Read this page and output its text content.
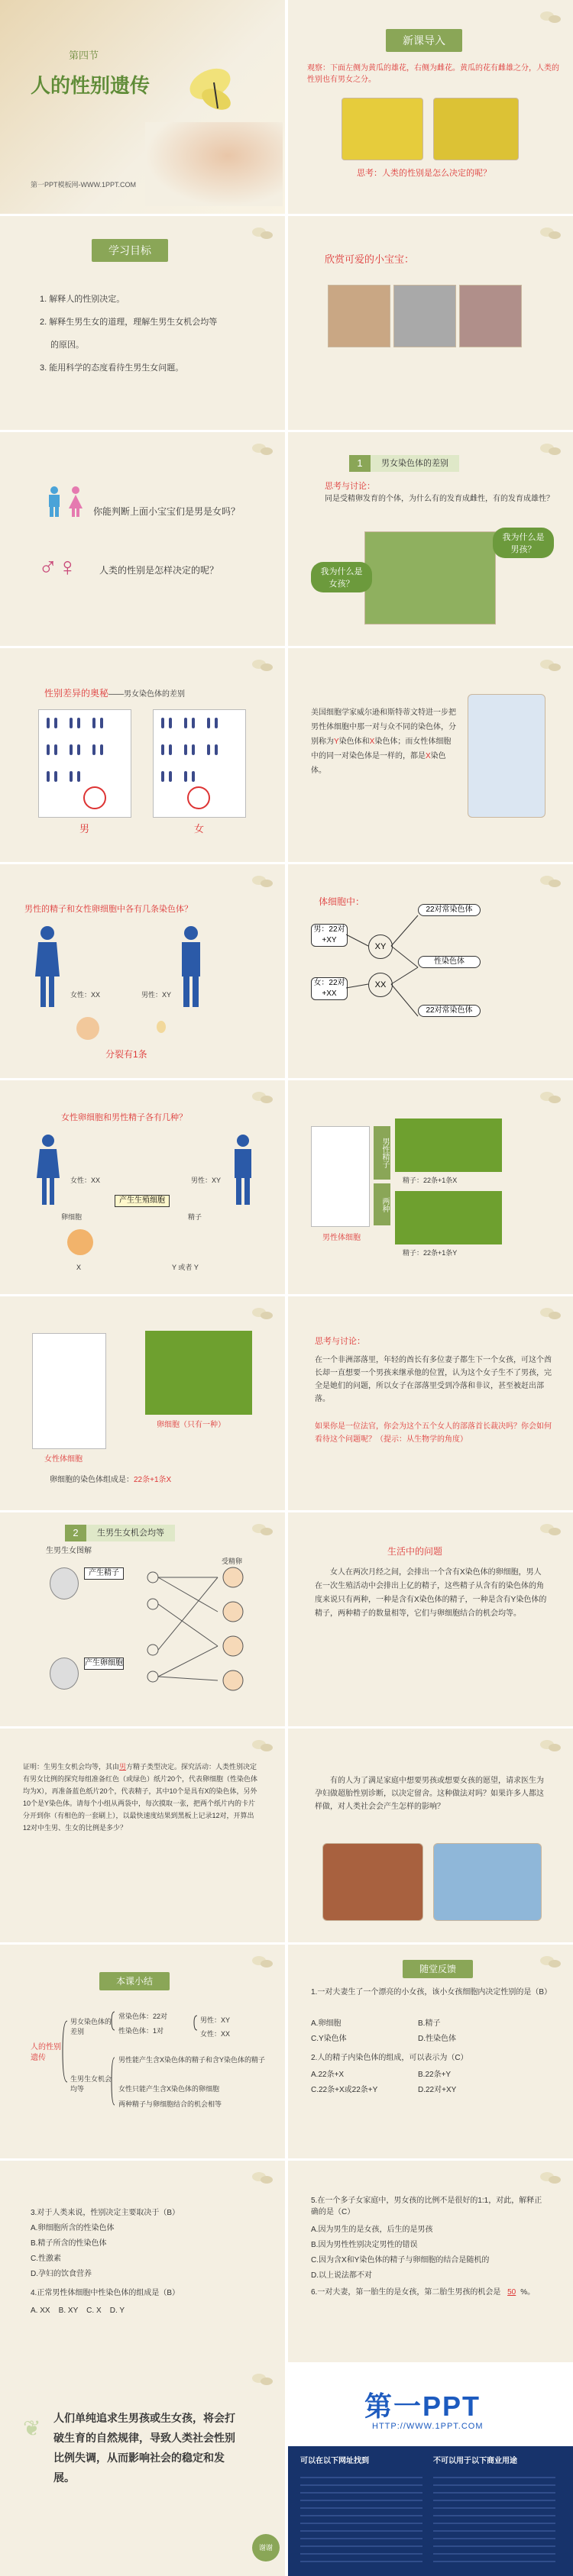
第四节
人的性别遗传
第一PPT模板网-WWW.1PPT.COM
新课导入
观察：下面左侧为黄瓜的雄花，右侧为雌花。黄瓜的花有雌雄之分，人类的性别也有男女之分。
思考：人类的性别是怎么决定的呢？
学习目标
1. 解释人的性别决定。
2. 解释生男生女的道理，理解生男生女机会均等
的原因。
3. 能用科学的态度看待生男生女问题。
欣赏可爱的小宝宝：
你能判断上面小宝宝们是男是女吗？
♂♀ 人类的性别是怎样决定的呢？
1	男女染色体的差别
思考与讨论：
同是受精卵发育的个体，为什么有的发育成雌性，有的发育成雄性？
我为什么是男孩？
我为什么是女孩？
性别差异的奥秘——男女染色体的差别
男	女
美国细胞学家威尔逊和斯特蒂文特进一步把男性体细胞中那一对与众不同的染色体，分别称为Y染色体和X染色体；而女性体细胞中的同一对染色体是一样的，都是X染色体。
男性的精子和女性卵细胞中各有几条染色体？
女性：XX	男性：XY
分裂有1条
体细胞中：
男：22对+XY
女：22对+XX
XY
XX
22对常染色体
性染色体
22对常染色体
女性卵细胞和男性精子各有几种？
女性：XX	男性：XY
产生生殖细胞
卵细胞	精子
X	Y 或者 Y
男性精子
两种
精子：22条+1条X
精子：22条+1条Y
男性体细胞
女性体细胞
卵细胞（只有一种）
卵细胞的染色体组成是：22条+1条X
思考与讨论：
在一个非洲部落里，年轻的酋长有多位妻子都生下一个女孩，可这个酋长却一直想要一个男孩来继承他的位置，认为这个女子生不了男孩，完全是她们的问题，所以女子在部落里受到冷落和非议，甚至被赶出部落。
如果你是一位法官，你会为这个五个女人的部落首长裁决吗？你会如何看待这个问题呢？（提示：从生物学的角度）
2	生男生女机会均等
生男生女图解
产生精子
产生卵细胞
受精卵
生活中的问题
女人在两次月经之间，会排出一个含有X染色体的卵细胞，男人在一次生殖活动中会排出上亿的精子，这些精子从含有的染色体的角度来说只有两种，一种是含有X染色体的精子，一种是含有Y染色体的精子，两种精子的数量相等，它们与卵细胞结合的机会均等。
证明：生男生女机会均等，其由男方精子类型决定。探究活动：人类性别决定有男女比例的探究每组准备红色（或绿色）纸片20个，代表卵细胞（性染色体均为X），再准备蓝色纸片20个，代表精子，其中10个是具有X的染色体，另外10个是Y染色体。请每个小组从两袋中，每次摸取一张，把两个纸片内的卡片分开到你（有相色的一套刷上），以最快速度结果到黑板上记录12对，开算出12对中生男、生女的比例是多少？
有的人为了满足家庭中想要男孩或想要女孩的愿望，请求医生为孕妇做超胎性别诊断，以决定留舍。这种做法对吗？如果许多人都这样做，对人类社会会产生怎样的影响？
本课小结
人的性别遗传
男女染色体的差别
生男生女机会均等
常染色体：22对
性染色体：1对
男性：XY
女性：XX
男性能产生含X染色体的精子和含Y染色体的精子
女性只能产生含X染色体的卵细胞
两种精子与卵细胞结合的机会相等
随堂反馈
1.一对夫妻生了一个漂亮的小女孩，该小女孩细胞内决定性别的是（B）
A.卵细胞	B.精子
C.Y染色体	D.性染色体
2.人的精子内染色体的组成，可以表示为（C）
A.22条+X	B.22条+Y
C.22条+X或22条+Y	D.22对+XY
3.对于人类来说，性别决定主要取决于（B）
A.卵细胞所含的性染色体
B.精子所含的性染色体
C.性激素
D.孕妇的饮食营养
4.正常男性体细胞中性染色体的组成是（B）
A. XX    B. XY    C. X    D. Y
5.在一个多子女家庭中，男女孩的比例不是很好的1:1，对此，解释正确的是（C）
A.因为男生的是女孩，后生的是男孩
B.因为男性性别决定男性的错误
C.因为含X和Y染色体的精子与卵细胞的结合是随机的
D.以上说法都不对
6.一对夫妻，第一胎生的是女孩，第二胎生男孩的机会是 50 %。
❦ 人们单纯追求生男孩或生女孩，将会打破生育的自然规律，导致人类社会性别比例失调，从而影响社会的稳定和发展。
谢谢
第一PPT
HTTP://WWW.1PPT.COM
可以在以下网址找到	不可以用于以下商业用途
